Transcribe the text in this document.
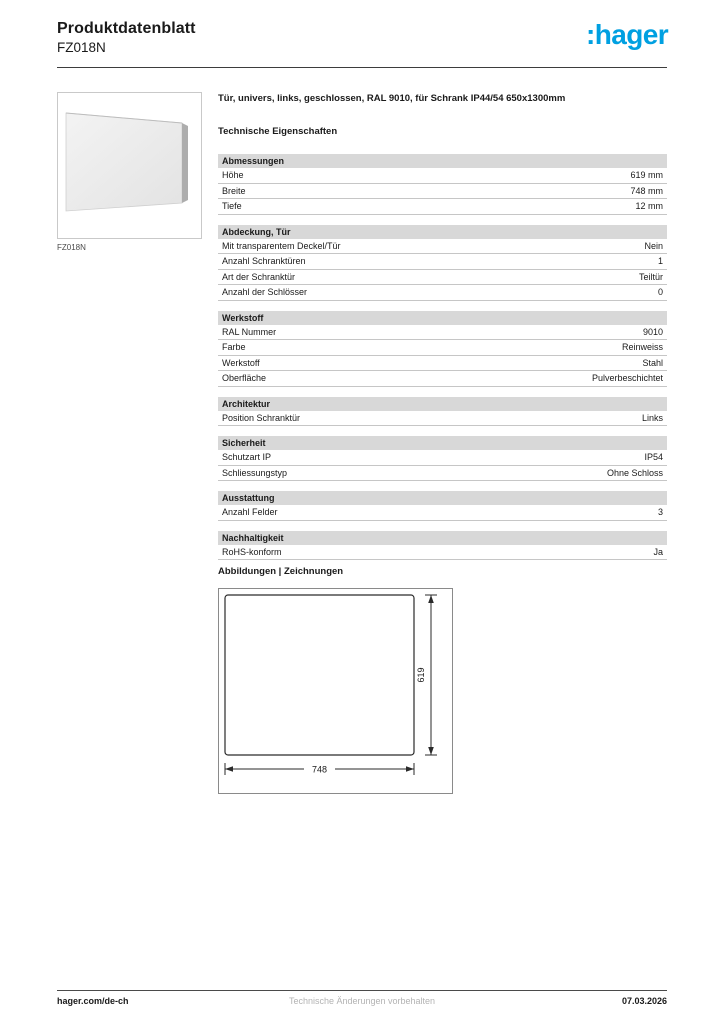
Produktdatenblatt
FZ018N	:hager
FZ018N
Tür, univers, links, geschlossen, RAL 9010, für Schrank IP44/54 650x1300mm
Technische Eigenschaften
Abmessungen
Höhe	619 mm
Breite	748 mm
Tiefe	12 mm
Abdeckung, Tür
Mit transparentem Deckel/Tür	Nein
Anzahl Schranktüren	1
Art der Schranktür	Teiltür
Anzahl der Schlösser	0
Werkstoff
RAL Nummer	9010
Farbe	Reinweiss
Werkstoff	Stahl
Oberfläche	Pulverbeschichtet
Architektur
Position Schranktür	Links
Sicherheit
Schutzart IP	IP54
Schliessungstyp	Ohne Schloss
Ausstattung
Anzahl Felder	3
Nachhaltigkeit
RoHS-konform	Ja
Abbildungen | Zeichnungen
619
748
hager.com/de-ch	Technische Änderungen vorbehalten	07.03.2026
